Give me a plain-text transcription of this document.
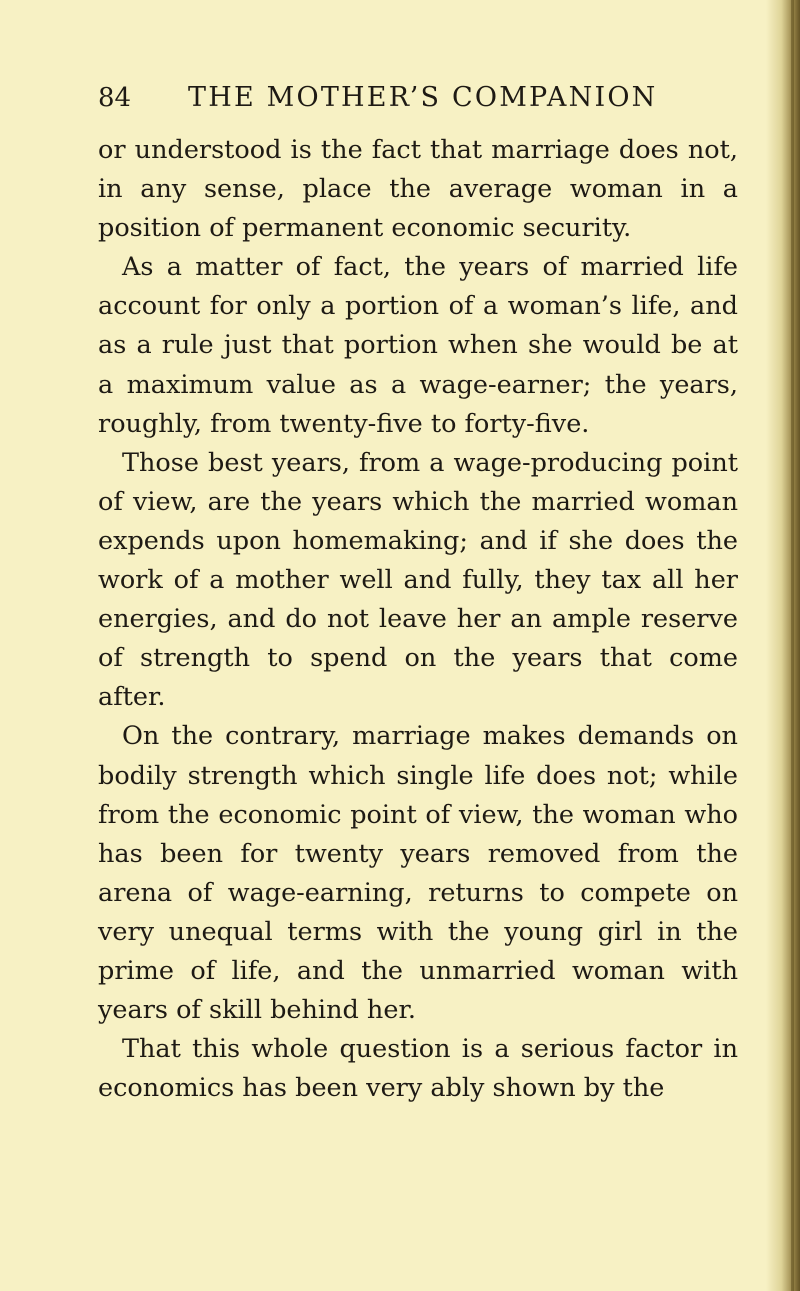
84 THE MOTHER’S COMPANION

or understood is the fact that marriage does not, in any sense, place the average woman in a position of permanent economic security.

As a matter of fact, the years of married life account for only a portion of a woman’s life, and as a rule just that portion when she would be at a maximum value as a wage-earner; the years, roughly, from twenty-five to forty-five.

Those best years, from a wage-producing point of view, are the years which the married woman expends upon homemaking; and if she does the work of a mother well and fully, they tax all her energies, and do not leave her an ample reserve of strength to spend on the years that come after.

On the contrary, marriage makes demands on bodily strength which single life does not; while from the economic point of view, the woman who has been for twenty years removed from the arena of wage-earning, returns to compete on very unequal terms with the young girl in the prime of life, and the unmarried woman with years of skill behind her.

That this whole question is a serious factor in economics has been very ably shown by the
